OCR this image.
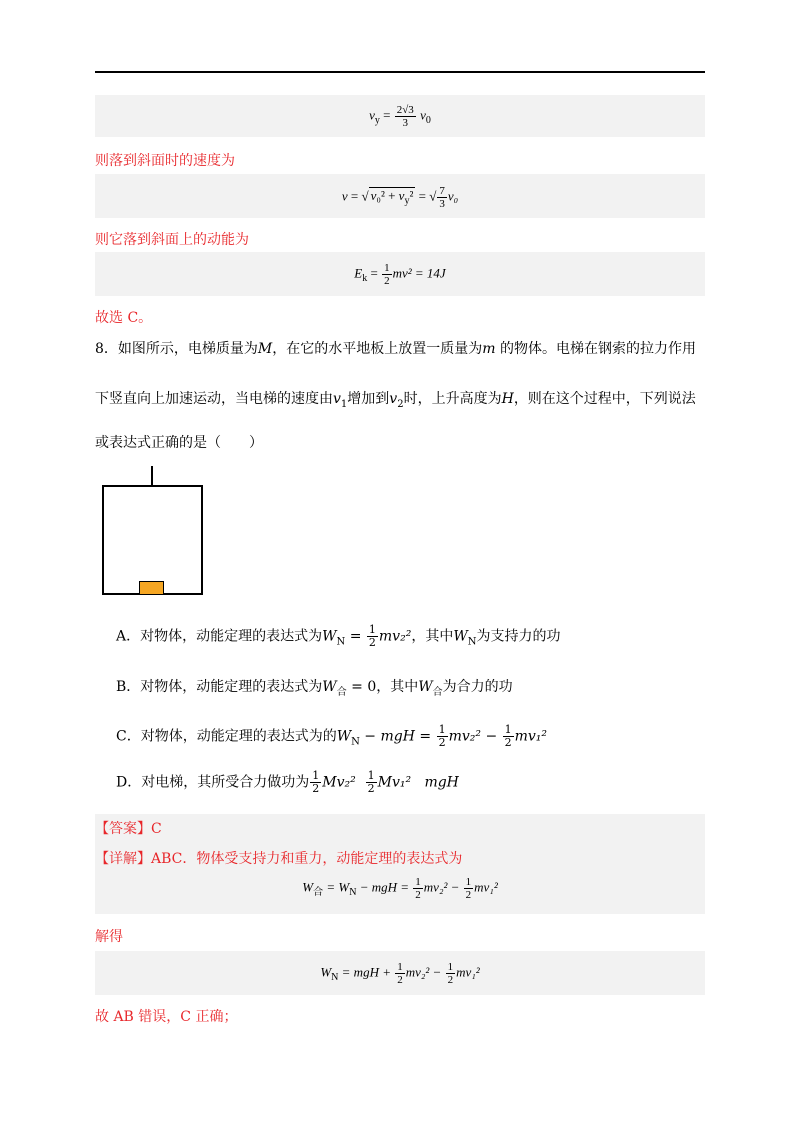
$v_y = \frac{2√3}{3} v_0$
则落到斜面时的速度为
v = √ $v_0^2 + v_y^2$ = √ $\frac{7}{3} v_0$
则它落到斜面上的动能为
$E_k = \frac{1}{2} mv^2 = 14J$
故选 C。
8．如图所示，电梯质量为M，在它的水平地板上放置一质量为m 的物体。电梯在钢索的拉力作用
下竖直向上加速运动，当电梯的速度由$v_1$增加到$v_2$时，上升高度为H，则在这个过程中，下列说法
或表达式正确的是（　　）
A．对物体，动能定理的表达式为$W_N = \frac{1}{2} mv_2^2$，其中$W_N$为支持力的功
B．对物体，动能定理的表达式为$W_合 = 0$，其中$W_合$为合力的功
C．对物体，动能定理的表达式为的$W_N$ − mgH = $\frac{1}{2} mv_2^2 - \frac{1}{2} mv_1^2$
D．对电梯，其所受合力做功为 $\frac{1}{2} Mv_2^2 \frac{1}{2} Mv_1^2$ mgH
【答案】C
【详解】ABC．物体受支持力和重力，动能定理的表达式为
$W_合 = W_N$ − mgH = $\frac{1}{2} mv_2^2 - \frac{1}{2} mv_1^2$
解得
$W_N$ = mgH + $\frac{1}{2} mv_2^2 - \frac{1}{2} mv_1^2$
故 AB 错误，C 正确；
